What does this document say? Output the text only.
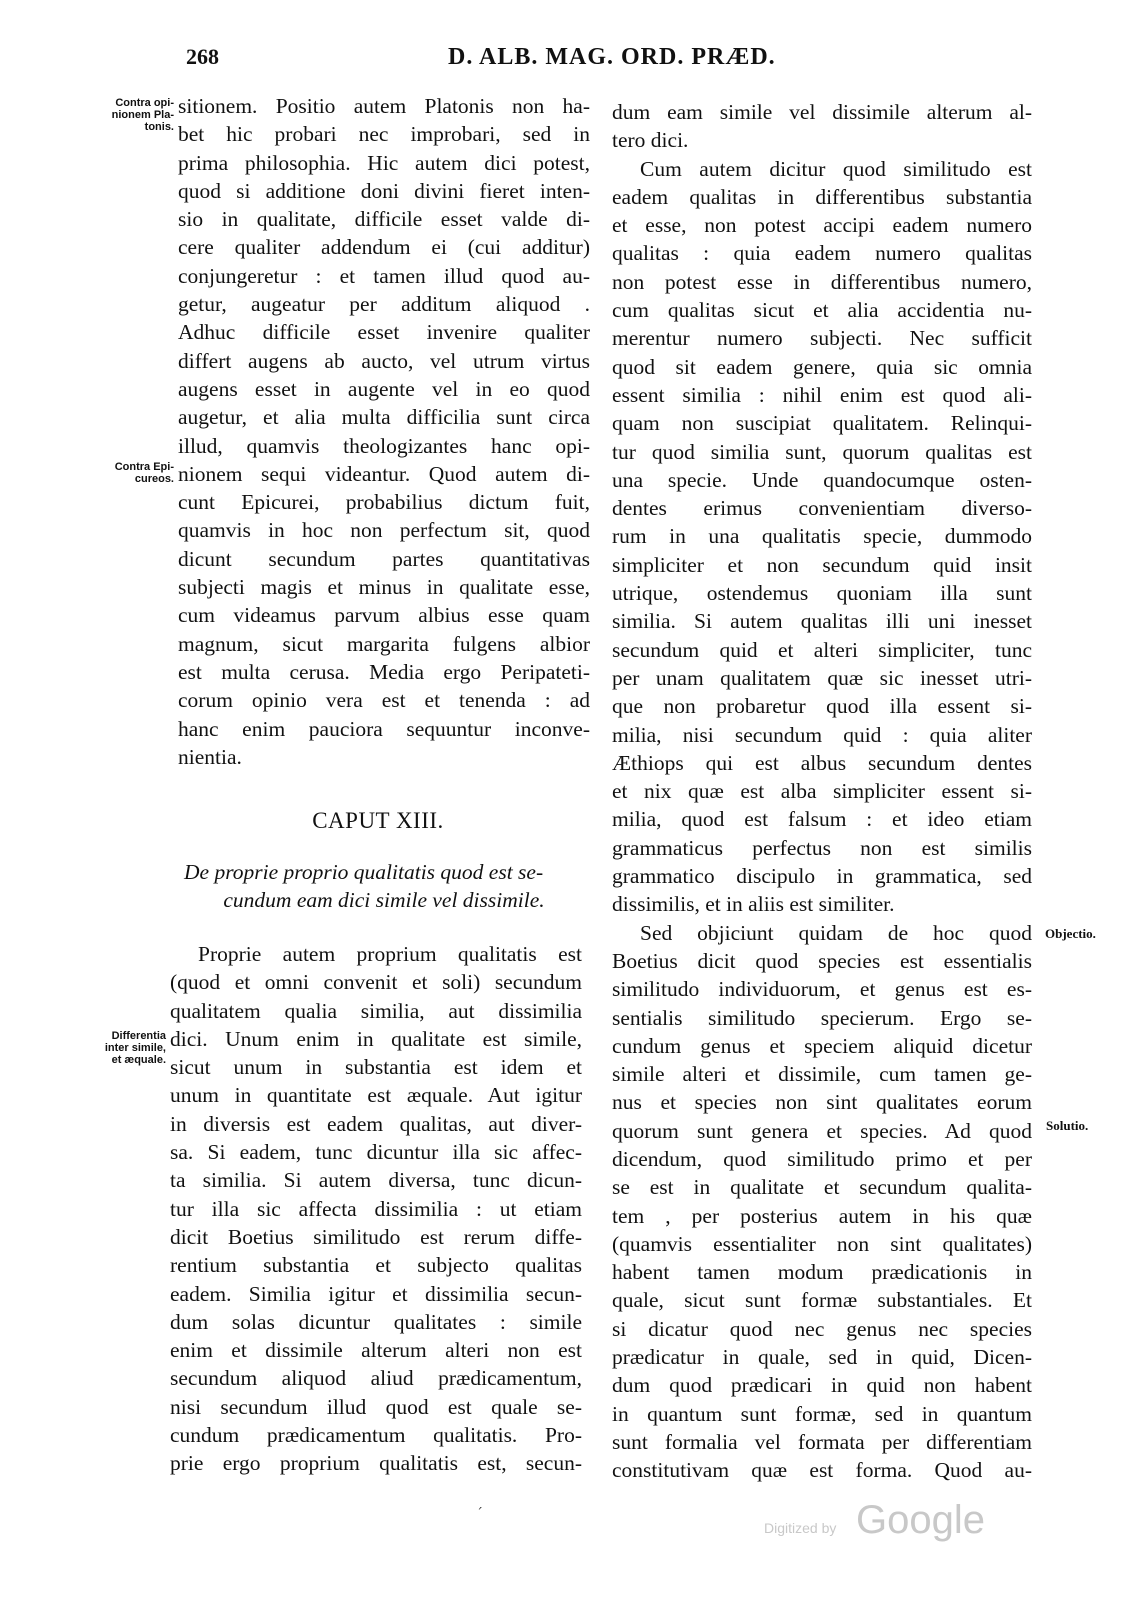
268	D. ALB. MAG. ORD. PRÆD.
Contra opi-
nionem Pla-
tonis.
Contra Epi-
cureos.
Differentia
inter simile,
et æquale.
Objectio.
Solutio.
sitionem. Positio autem Platonis non ha-
bet hic probari nec improbari, sed in
prima philosophia. Hic autem dici potest,
quod si additione doni divini fieret inten-
sio in qualitate, difficile esset valde di-
cere qualiter addendum ei (cui additur)
conjungeretur : et tamen illud quod au-
getur, augeatur per additum aliquod .
Adhuc difficile esset invenire qualiter
differt augens ab aucto, vel utrum virtus
augens esset in augente vel in eo quod
augetur, et alia multa difficilia sunt circa
illud, quamvis theologizantes hanc opi-
nionem sequi videantur. Quod autem di-
cunt Epicurei, probabilius dictum fuit,
quamvis in hoc non perfectum sit, quod
dicunt secundum partes quantitativas
subjecti magis et minus in qualitate esse,
cum videamus parvum albius esse quam
magnum, sicut margarita fulgens albior
est multa cerusa. Media ergo Peripateti-
corum opinio vera est et tenenda : ad
hanc enim pauciora sequuntur inconve-
nientia.
CAPUT XIII.
De proprie proprio qualitatis quod est se-
cundum eam dici simile vel dissimile.
Proprie autem proprium qualitatis est
(quod et omni convenit et soli) secundum
qualitatem qualia similia, aut dissimilia
dici. Unum enim in qualitate est simile,
sicut unum in substantia est idem et
unum in quantitate est æquale. Aut igitur
in diversis est eadem qualitas, aut diver-
sa. Si eadem, tunc dicuntur illa sic affec-
ta similia. Si autem diversa, tunc dicun-
tur illa sic affecta dissimilia : ut etiam
dicit Boetius similitudo est rerum diffe-
rentium substantia et subjecto qualitas
eadem. Similia igitur et dissimilia secun-
dum solas dicuntur qualitates : simile
enim et dissimile alterum alteri non est
secundum aliquod aliud prædicamentum,
nisi secundum illud quod est quale se-
cundum prædicamentum qualitatis. Pro-
prie ergo proprium qualitatis est, secun-
dum eam simile vel dissimile alterum al-
tero dici.
Cum autem dicitur quod similitudo est
eadem qualitas in differentibus substantia
et esse, non potest accipi eadem numero
qualitas : quia eadem numero qualitas
non potest esse in differentibus numero,
cum qualitas sicut et alia accidentia nu-
merentur numero subjecti. Nec sufficit
quod sit eadem genere, quia sic omnia
essent similia : nihil enim est quod ali-
quam non suscipiat qualitatem. Relinqui-
tur quod similia sunt, quorum qualitas est
una specie. Unde quandocumque osten-
dentes erimus convenientiam diverso-
rum in una qualitatis specie, dummodo
simpliciter et non secundum quid insit
utrique, ostendemus quoniam illa sunt
similia. Si autem qualitas illi uni inesset
secundum quid et alteri simpliciter, tunc
per unam qualitatem quæ sic inesset utri-
que non probaretur quod illa essent si-
milia, nisi secundum quid : quia aliter
Æthiops qui est albus secundum dentes
et nix quæ est alba simpliciter essent si-
milia, quod est falsum : et ideo etiam
grammaticus perfectus non est similis
grammatico discipulo in grammatica, sed
dissimilis, et in aliis est similiter.
Sed objiciunt quidam de hoc quod
Boetius dicit quod species est essentialis
similitudo individuorum, et genus est es-
sentialis similitudo specierum. Ergo se-
cundum genus et speciem aliquid dicetur
simile alteri et dissimile, cum tamen ge-
nus et species non sint qualitates eorum
quorum sunt genera et species. Ad quod
dicendum, quod similitudo primo et per
se est in qualitate et secundum qualita-
tem , per posterius autem in his quæ
(quamvis essentialiter non sint qualitates)
habent tamen modum prædicationis in
quale, sicut sunt formæ substantiales. Et
si dicatur quod nec genus nec species
prædicatur in quale, sed in quid, Dicen-
dum quod prædicari in quid non habent
in quantum sunt formæ, sed in quantum
sunt formalia vel formata per differentiam
constitutivam quæ est forma. Quod au-
ˊ
Digitized by Google
